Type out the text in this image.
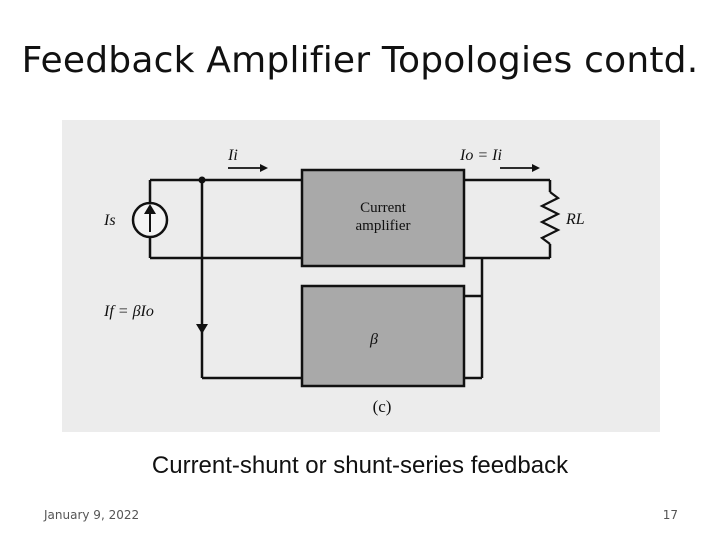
Feedback Amplifier Topologies contd.
Ii	Io = Ii
Is	RL
If = βIo
Current
amplifier
β
(c)
Current-shunt or shunt-series feedback
January 9, 2022	17
